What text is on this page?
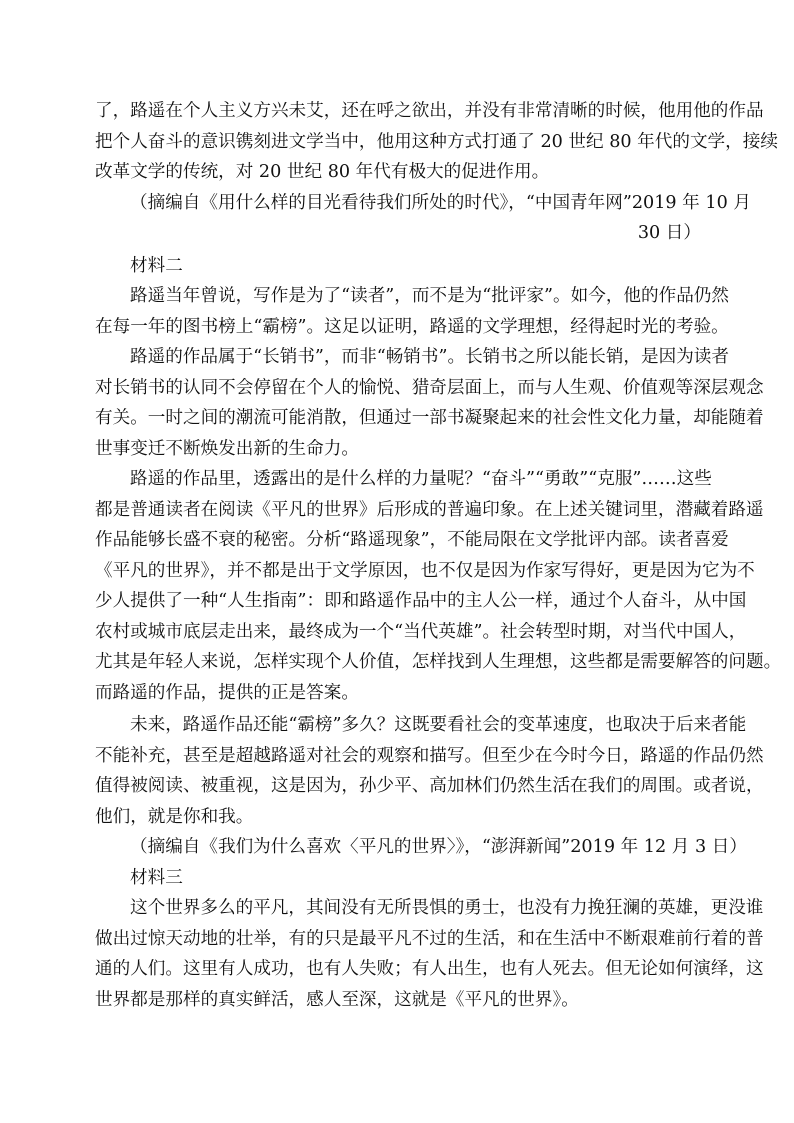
了，路遥在个人主义方兴未艾，还在呼之欲出，并没有非常清晰的时候，他用他的作品

把个人奋斗的意识镌刻进文学当中，他用这种方式打通了 20 世纪 80 年代的文学，接续

改革文学的传统，对 20 世纪 80 年代有极大的促进作用。

（摘编自《用什么样的目光看待我们所处的时代》，“中国青年网”2019 年 10 月

30 日）

材料二

路遥当年曾说，写作是为了“读者”，而不是为“批评家”。如今，他的作品仍然

在每一年的图书榜上“霸榜”。这足以证明，路遥的文学理想，经得起时光的考验。

路遥的作品属于“长销书”，而非“畅销书”。长销书之所以能长销，是因为读者

对长销书的认同不会停留在个人的愉悦、猎奇层面上，而与人生观、价值观等深层观念

有关。一时之间的潮流可能消散，但通过一部书凝聚起来的社会性文化力量，却能随着

世事变迁不断焕发出新的生命力。

路遥的作品里，透露出的是什么样的力量呢？“奋斗”“勇敢”“克服”……这些

都是普通读者在阅读《平凡的世界》后形成的普遍印象。在上述关键词里，潜藏着路遥

作品能够长盛不衰的秘密。分析“路遥现象”，不能局限在文学批评内部。读者喜爱

《平凡的世界》，并不都是出于文学原因，也不仅是因为作家写得好，更是因为它为不

少人提供了一种“人生指南”：即和路遥作品中的主人公一样，通过个人奋斗，从中国

农村或城市底层走出来，最终成为一个“当代英雄”。社会转型时期，对当代中国人，

尤其是年轻人来说，怎样实现个人价值，怎样找到人生理想，这些都是需要解答的问题。

而路遥的作品，提供的正是答案。

未来，路遥作品还能“霸榜”多久？这既要看社会的变革速度，也取决于后来者能

不能补充，甚至是超越路遥对社会的观察和描写。但至少在今时今日，路遥的作品仍然

值得被阅读、被重视，这是因为，孙少平、高加林们仍然生活在我们的周围。或者说，

他们，就是你和我。

（摘编自《我们为什么喜欢〈平凡的世界〉》，“澎湃新闻”2019 年 12 月 3 日）

材料三

这个世界多么的平凡，其间没有无所畏惧的勇士，也没有力挽狂澜的英雄，更没谁

做出过惊天动地的壮举，有的只是最平凡不过的生活，和在生活中不断艰难前行着的普

通的人们。这里有人成功，也有人失败；有人出生，也有人死去。但无论如何演绎，这

世界都是那样的真实鲜活，感人至深，这就是《平凡的世界》。
